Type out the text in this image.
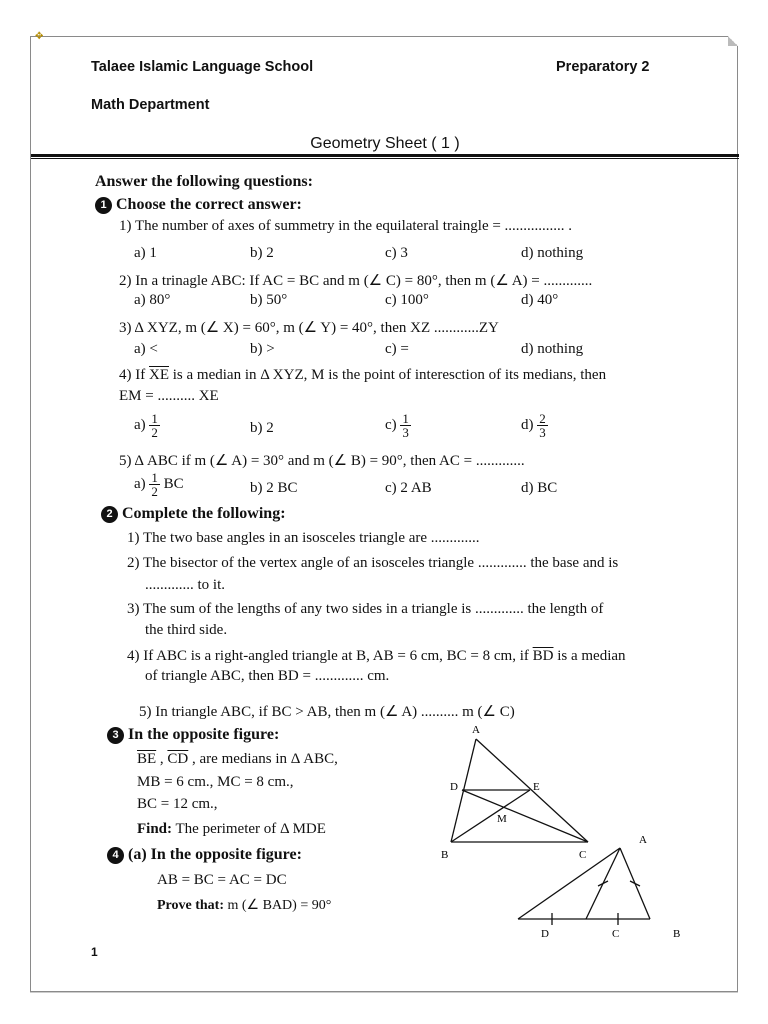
✥
Talaee Islamic Language School	Preparatory 2
Math Department
Geometry Sheet ( 1 )
Answer the following questions:
1 Choose the correct answer:
1) The number of axes of summetry in the equilateral traingle = ................ .
a) 1	b) 2	c) 3	d) nothing
2) In a trinagle ABC: If AC = BC and m (∠ C) = 80°, then m (∠ A) = .............
a) 80°	b) 50°	c) 100°	d) 40°
3) Δ XYZ, m (∠ X) = 60°, m (∠ Y) = 40°, then XZ ............ZY
a) <	b) >	c) =	d) nothing
4) If $\overline{XE}$ is a median in Δ XYZ, M is the point of interesction of its medians, then
EM = .......... XE
$a) \frac{1}{2}$	b) 2	$c) \frac{1}{3}$	$d) \frac{2}{3}$
5) Δ ABC if m (∠ A) = 30° and m (∠ B) = 90°, then AC = .............
$a) \frac{1}{2}$ BC	b) 2 BC	c) 2 AB	d) BC
2 Complete the following:
1) The two base angles in an isosceles triangle are .............
2) The bisector of the vertex angle of an isosceles triangle ............. the base and is
............. to it.
3) The sum of the lengths of any two sides in a triangle is ............. the length of
the third side.
4) If ABC is a right-angled triangle at B, AB = 6 cm, BC = 8 cm, if $\overline{BD}$ is a median
of triangle ABC, then BD = ............. cm.
5) In triangle ABC, if BC > AB, then m (∠ A) .......... m (∠ C)
3 In the opposite figure:
$\overline{BE}$ , $\overline{CD}$ , are medians in Δ ABC,
MB = 6 cm., MC = 8 cm.,
BC = 12 cm.,
Find: The perimeter of Δ MDE
A
B	C
D	E
M
4 (a) In the opposite figure:
AB = BC = AC = DC
Prove that: m (∠ BAD) = 90°
A
B
C
D
1
